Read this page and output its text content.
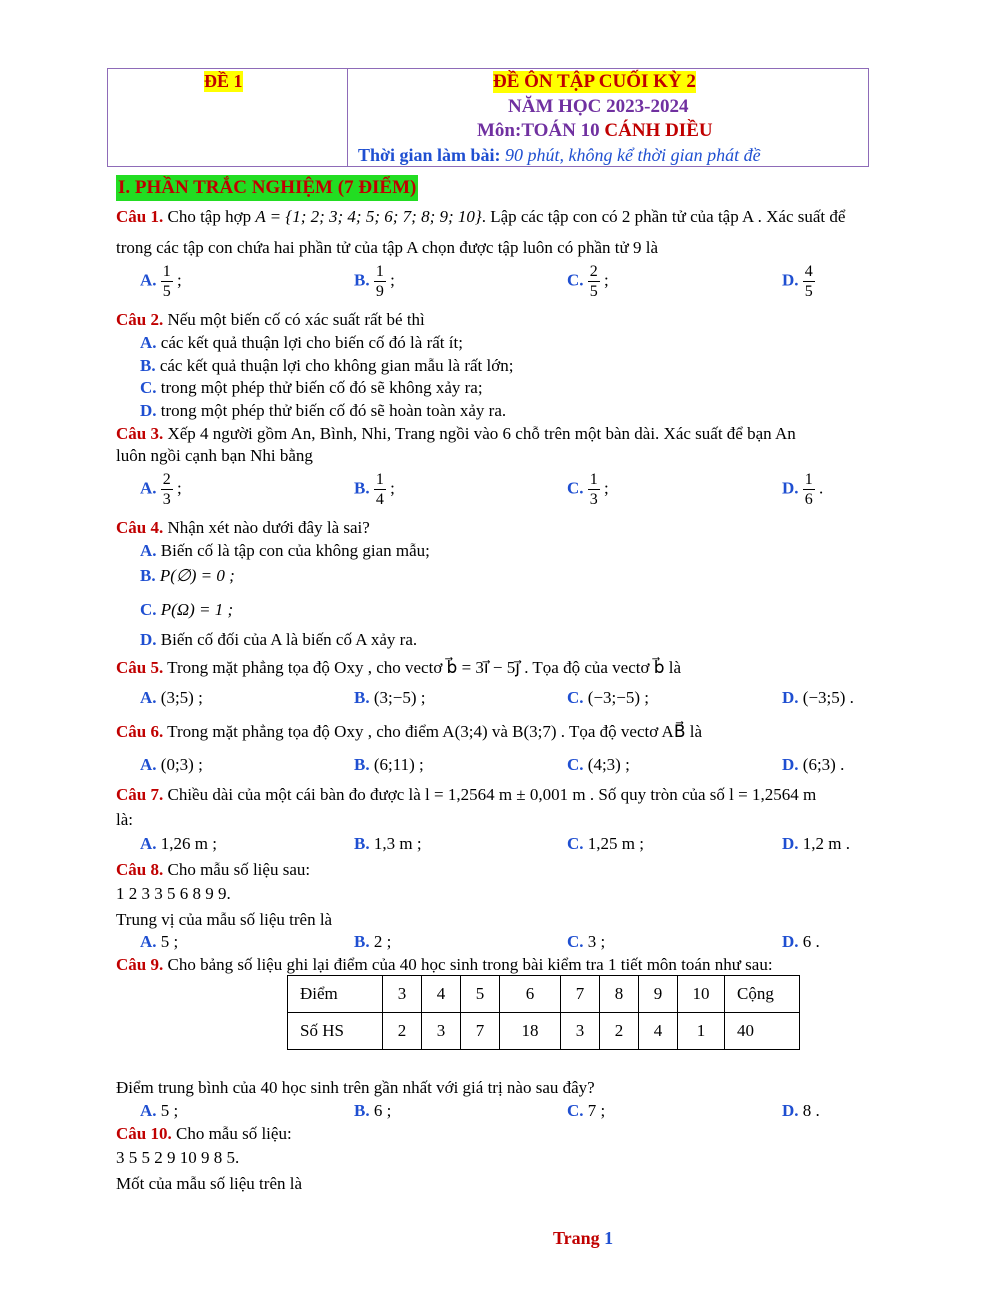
ĐỀ 1	ĐỀ ÔN TẬP CUỐI KỲ 2
NĂM HỌC 2023-2024
Môn:TOÁN 10 CÁNH DIỀU
Thời gian làm bài: 90 phút, không kể thời gian phát đề
I. PHẦN TRẮC NGHIỆM (7 ĐIỂM)
Câu 1. Cho tập hợp A = {1; 2; 3; 4; 5; 6; 7; 8; 9; 10}. Lập các tập con có 2 phần tử của tập A . Xác suất để
trong các tập con chứa hai phần tử của tập A chọn được tập luôn có phần tử 9 là
A. $\frac{1}{5}$ ;	B. $\frac{1}{9}$ ;	C. $\frac{2}{5}$ ;	D. $\frac{4}{5}$
Câu 2. Nếu một biến cố có xác suất rất bé thì
A. các kết quả thuận lợi cho biến cố đó là rất ít;
B. các kết quả thuận lợi cho không gian mẫu là rất lớn;
C. trong một phép thử biến cố đó sẽ không xảy ra;
D. trong một phép thử biến cố đó sẽ hoàn toàn xảy ra.
Câu 3. Xếp 4 người gồm An, Bình, Nhi, Trang ngồi vào 6 chỗ trên một bàn dài. Xác suất để bạn An
luôn ngồi cạnh bạn Nhi bằng
A. $\frac{2}{3}$ ;	B. $\frac{1}{4}$ ;	C. $\frac{1}{3}$ ;	D. $\frac{1}{6}$ .
Câu 4. Nhận xét nào dưới đây là sai?
A. Biến cố là tập con của không gian mẫu;
B. P(∅) = 0 ;
C. P(Ω) = 1 ;
D. Biến cố đối của A là biến cố A xảy ra.
Câu 5. Trong mặt phẳng tọa độ Oxy , cho vectơ b⃗ = 3i⃗ − 5j⃗ . Tọa độ của vectơ b⃗ là
A. (3;5) ;	B. (3;−5) ;	C. (−3;−5) ;	D. (−3;5) .
Câu 6. Trong mặt phẳng tọa độ Oxy , cho điểm A(3;4) và B(3;7) . Tọa độ vectơ AB⃗ là
A. (0;3) ;	B. (6;11) ;	C. (4;3) ;	D. (6;3) .
Câu 7. Chiều dài của một cái bàn đo được là l = 1,2564 m ± 0,001 m . Số quy tròn của số l = 1,2564 m
là:
A. 1,26 m ;	B. 1,3 m ;	C. 1,25 m ;	D. 1,2 m .
Câu 8. Cho mẫu số liệu sau:
1 2 3 3 5 6 8 9 9.
Trung vị của mẫu số liệu trên là
A. 5 ;	B. 2 ;	C. 3 ;	D. 6 .
Câu 9. Cho bảng số liệu ghi lại điểm của 40 học sinh trong bài kiểm tra 1 tiết môn toán như sau:
Điểm	3	4	5	6	7	8	9	10	Cộng
Số HS	2	3	7	18	3	2	4	1	40
Điểm trung bình của 40 học sinh trên gần nhất với giá trị nào sau đây?
A. 5 ;	B. 6 ;	C. 7 ;	D. 8 .
Câu 10. Cho mẫu số liệu:
3 5 5 2 9 10 9 8 5.
Mốt của mẫu số liệu trên là
Trang 1
